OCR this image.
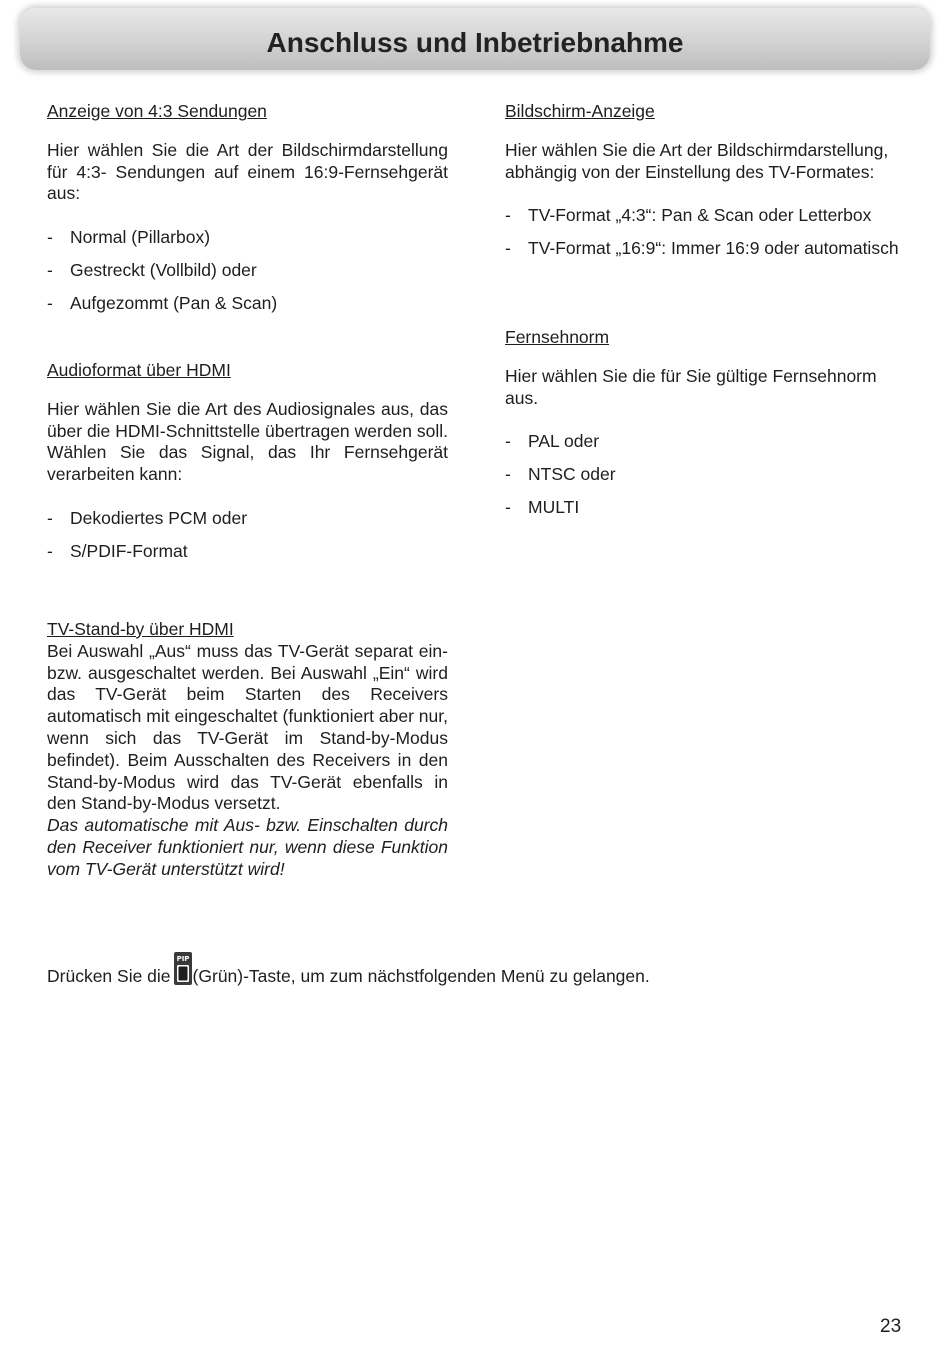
Anschluss und Inbetriebnahme

Anzeige von 4:3 Sendungen

Hier wählen Sie die Art der Bildschirmdarstellung für 4:3- Sendungen auf einem 16:9-Fernsehgerät aus:

- Normal (Pillarbox)
- Gestreckt (Vollbild) oder
- Aufgezommt (Pan & Scan)

Audioformat über HDMI

Hier wählen Sie die Art des Audiosignales aus, das über die HDMI-Schnittstelle übertragen werden soll. Wählen Sie das Signal, das Ihr Fernsehgerät verarbeiten kann:

- Dekodiertes PCM oder
- S/PDIF-Format

TV-Stand-by über HDMI

Bei Auswahl „Aus“ muss das TV-Gerät separat ein- bzw. ausgeschaltet werden. Bei Auswahl „Ein“ wird das TV-Gerät beim Starten des Receivers automatisch mit eingeschaltet (funktioniert aber nur, wenn sich das TV-Gerät im Stand-by-Modus befindet). Beim Ausschalten des Receivers in den Stand-by-Modus wird das TV-Gerät ebenfalls in den Stand-by-Modus versetzt.

Das automatische mit Aus- bzw. Einschalten durch den Receiver funktioniert nur, wenn diese Funktion vom TV-Gerät unterstützt wird!

Bildschirm-Anzeige

Hier wählen Sie die Art der Bildschirmdarstellung, abhängig von der Einstellung des TV-Formates:

- TV-Format „4:3“: Pan & Scan oder Letterbox
- TV-Format „16:9“: Immer 16:9 oder automatisch

Fernsehnorm

Hier wählen Sie die für Sie gültige Fernsehnorm aus.

- PAL oder
- NTSC oder
- MULTI
Drücken Sie die
PIP
(Grün)-Taste, um zum nächstfolgenden Menü zu gelangen.
23
